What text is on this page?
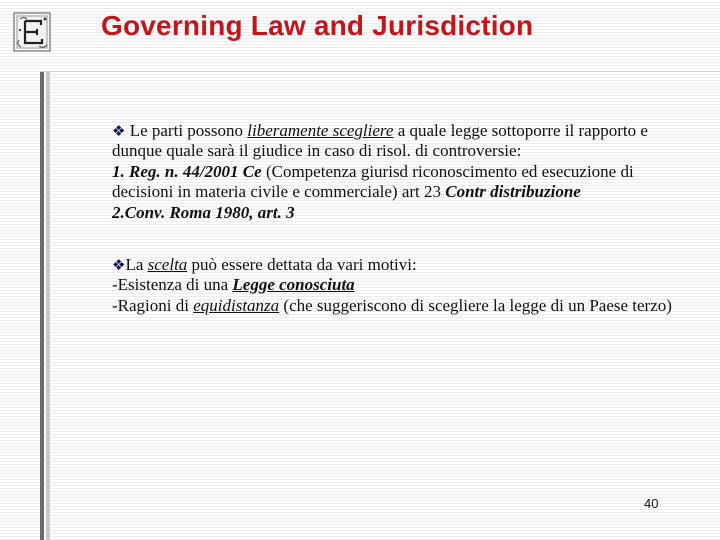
Governing Law and Jurisdiction

❖ Le parti possono liberamente scegliere a quale legge sottoporre il rapporto e dunque quale sarà il giudice in caso di risol. di controversie:

1. Reg. n. 44/2001 Ce (Competenza giurisd riconoscimento ed esecuzione di decisioni in materia civile e commerciale) art 23 Contr distribuzione

2.Conv. Roma 1980, art. 3

❖La scelta può essere dettata da vari motivi:

-Esistenza di una Legge conosciuta

-Ragioni di equidistanza (che suggeriscono di scegliere la legge di un Paese terzo)

40
